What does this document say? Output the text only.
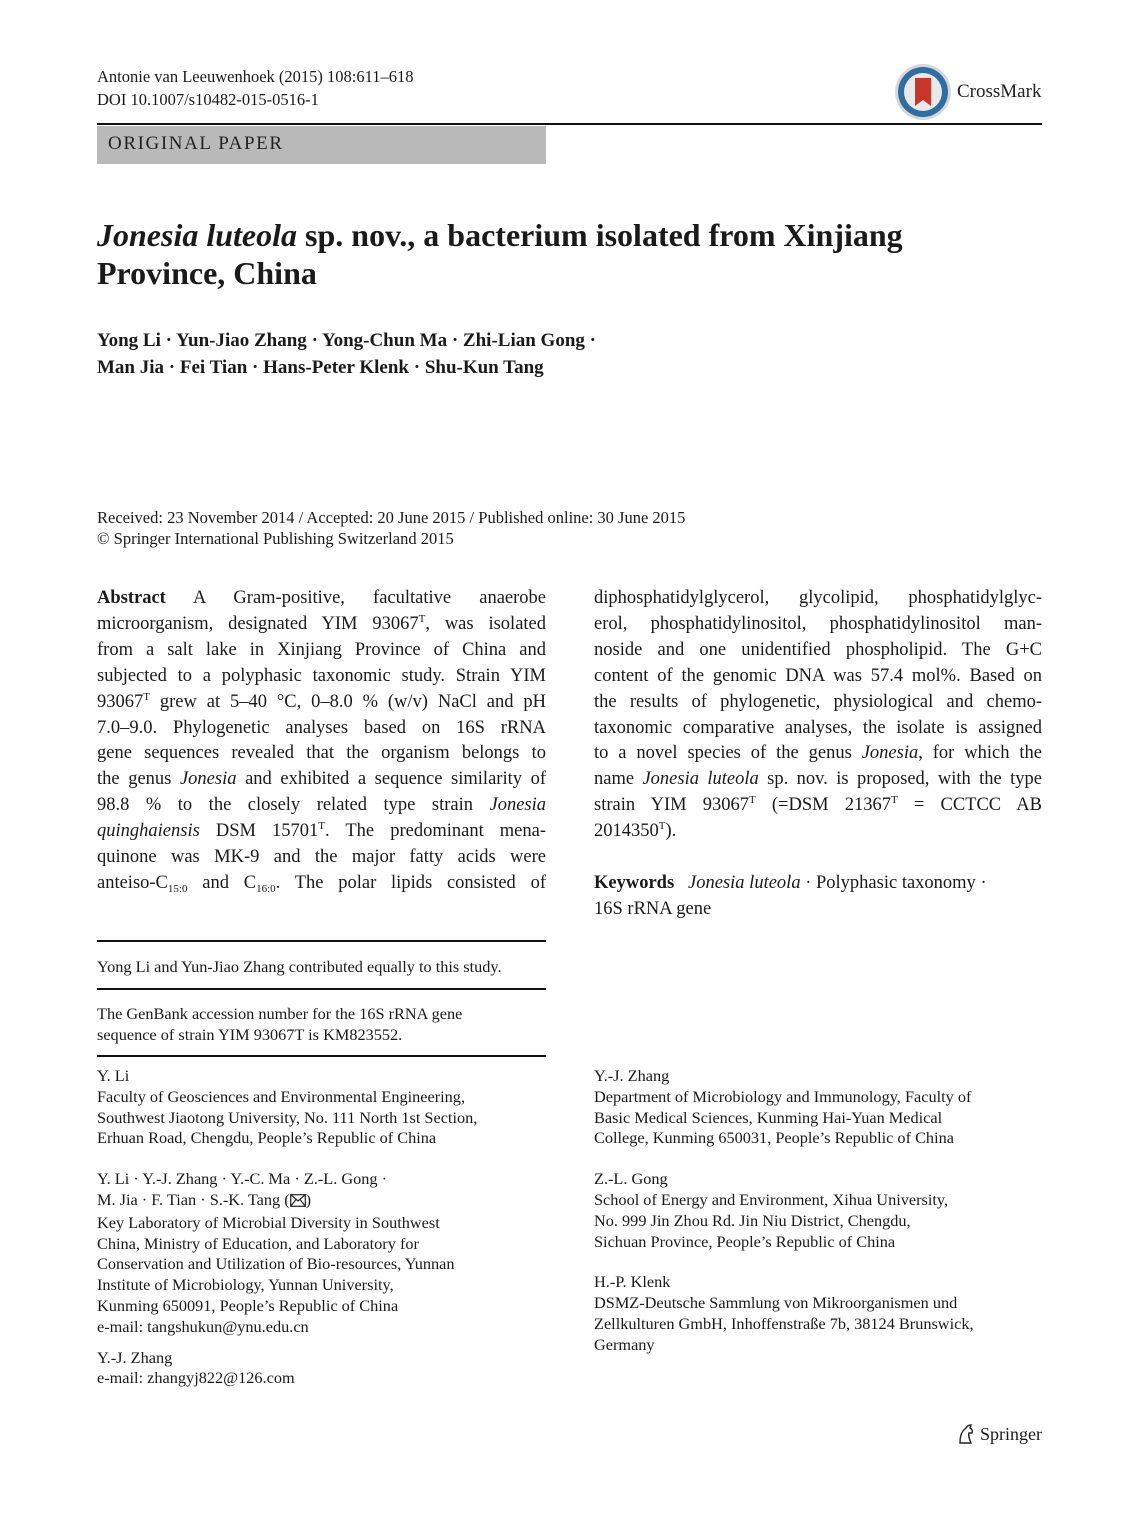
Antonie van Leeuwenhoek (2015) 108:611–618
DOI 10.1007/s10482-015-0516-1	CrossMark
ORIGINAL PAPER
Jonesia luteola sp. nov., a bacterium isolated from Xinjiang
Province, China
Yong Li · Yun-Jiao Zhang · Yong-Chun Ma · Zhi-Lian Gong ·
Man Jia · Fei Tian · Hans-Peter Klenk · Shu-Kun Tang
Received: 23 November 2014 / Accepted: 20 June 2015 / Published online: 30 June 2015
© Springer International Publishing Switzerland 2015
Abstract A Gram-positive, facultative anaerobe
microorganism, designated YIM $93067^T$, was isolated
from a salt lake in Xinjiang Province of China and
subjected to a polyphasic taxonomic study. Strain YIM
$93067^T$ grew at 5–40 °C, 0–8.0 % (w/v) NaCl and pH
7.0–9.0. Phylogenetic analyses based on 16S rRNA
gene sequences revealed that the organism belongs to
the genus Jonesia and exhibited a sequence similarity of
98.8 % to the closely related type strain Jonesia
quinghaiensis DSM $15701^T$. The predominant mena-
quinone was MK-9 and the major fatty acids were
anteiso-$C_{15:0}$ and $C_{16:0}$. The polar lipids consisted of
diphosphatidylglycerol, glycolipid, phosphatidylglyc-
erol, phosphatidylinositol, phosphatidylinositol man-
noside and one unidentified phospholipid. The G+C
content of the genomic DNA was 57.4 mol%. Based on
the results of phylogenetic, physiological and chemo-
taxonomic comparative analyses, the isolate is assigned
to a novel species of the genus Jonesia, for which the
name Jonesia luteola sp. nov. is proposed, with the type
strain YIM $93067^T$ (=DSM $21367^T$ = CCTCC AB
$2014350^T$).
Keywords Jonesia luteola · Polyphasic taxonomy ·
16S rRNA gene
Yong Li and Yun-Jiao Zhang contributed equally to this study.
The GenBank accession number for the 16S rRNA gene
sequence of strain YIM 93067T is KM823552.
Y. Li
Faculty of Geosciences and Environmental Engineering,
Southwest Jiaotong University, No. 111 North 1st Section,
Erhuan Road, Chengdu, People’s Republic of China
Y. Li · Y.-J. Zhang · Y.-C. Ma · Z.-L. Gong ·
M. Jia · F. Tian · S.-K. Tang ( )
Key Laboratory of Microbial Diversity in Southwest
China, Ministry of Education, and Laboratory for
Conservation and Utilization of Bio-resources, Yunnan
Institute of Microbiology, Yunnan University,
Kunming 650091, People’s Republic of China
e-mail: tangshukun@ynu.edu.cn
Y.-J. Zhang
e-mail: zhangyj822@126.com
Y.-J. Zhang
Department of Microbiology and Immunology, Faculty of
Basic Medical Sciences, Kunming Hai-Yuan Medical
College, Kunming 650031, People’s Republic of China
Z.-L. Gong
School of Energy and Environment, Xihua University,
No. 999 Jin Zhou Rd. Jin Niu District, Chengdu,
Sichuan Province, People’s Republic of China
H.-P. Klenk
DSMZ-Deutsche Sammlung von Mikroorganismen und
Zellkulturen GmbH, Inhoffenstraße 7b, 38124 Brunswick,
Germany
Springer
